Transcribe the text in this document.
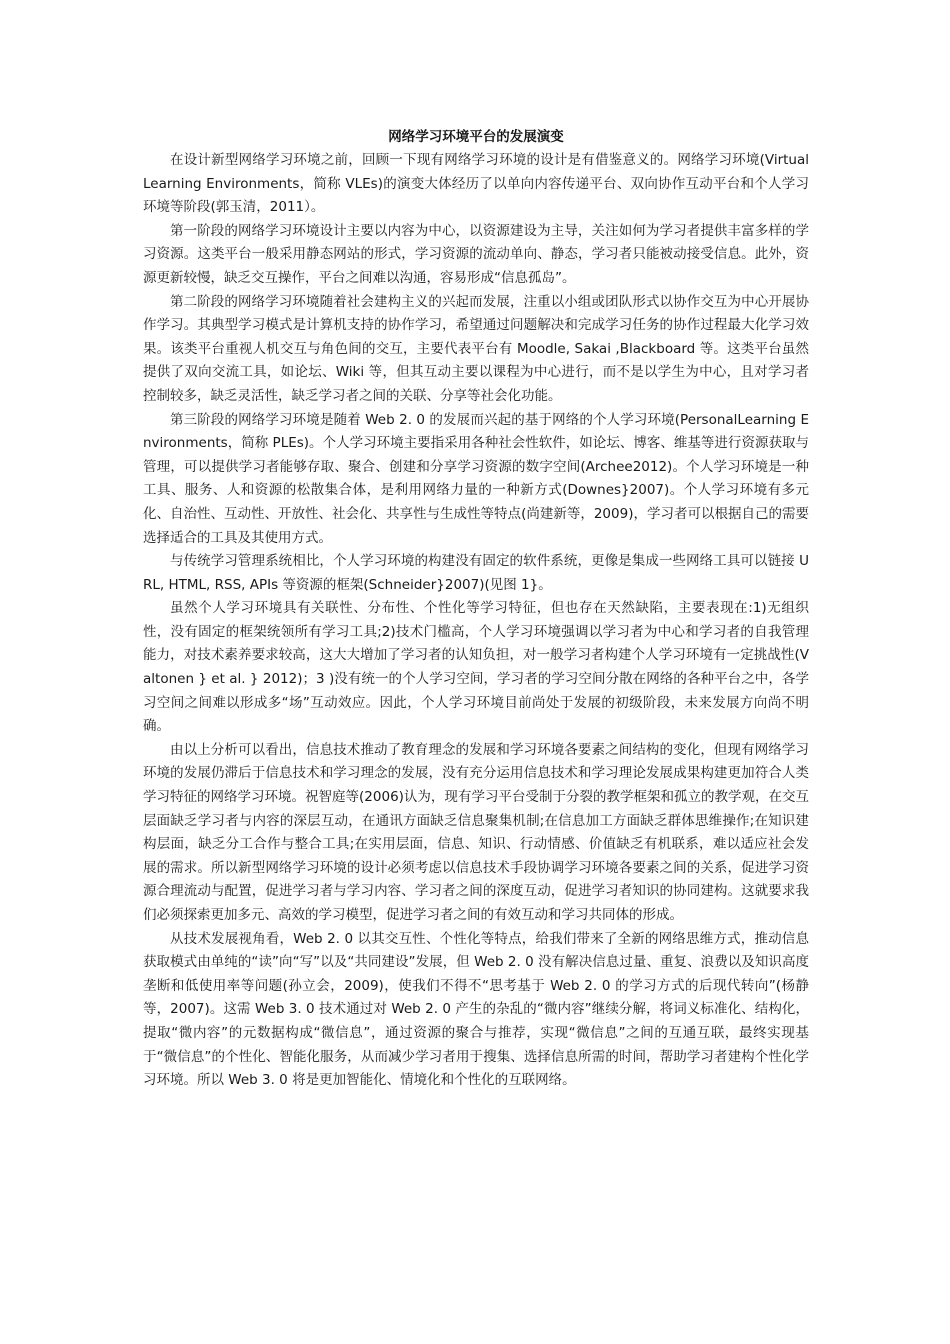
网络学习环境平台的发展演变

在设计新型网络学习环境之前，回顾一下现有网络学习环境的设计是有借鉴意义的。网络学习环境(Virtual Learning Environments，简称 VLEs)的演变大体经历了以单向内容传递平台、双向协作互动平台和个人学习环境等阶段(郭玉清，2011）。

第一阶段的网络学习环境设计主要以内容为中心，以资源建设为主导，关注如何为学习者提供丰富多样的学习资源。这类平台一般采用静态网站的形式，学习资源的流动单向、静态，学习者只能被动接受信息。此外，资源更新较慢，缺乏交互操作，平台之间难以沟通，容易形成“信息孤岛”。

第二阶段的网络学习环境随着社会建构主义的兴起而发展，注重以小组或团队形式以协作交互为中心开展协作学习。其典型学习模式是计算机支持的协作学习，希望通过问题解决和完成学习任务的协作过程最大化学习效果。该类平台重视人机交互与角色间的交互，主要代表平台有 Moodle, Sakai ,Blackboard 等。这类平台虽然提供了双向交流工具，如论坛、Wiki 等，但其互动主要以课程为中心进行，而不是以学生为中心，且对学习者控制较多，缺乏灵活性，缺乏学习者之间的关联、分享等社会化功能。

第三阶段的网络学习环境是随着 Web 2. 0 的发展而兴起的基于网络的个人学习环境(PersonalLearning Environments，简称 PLEs)。个人学习环境主要指采用各种社会性软件，如论坛、博客、维基等进行资源获取与管理，可以提供学习者能够存取、聚合、创建和分享学习资源的数字空间(Archee2012)。个人学习环境是一种工具、服务、人和资源的松散集合体，是利用网络力量的一种新方式(Downes}2007)。个人学习环境有多元化、自治性、互动性、开放性、社会化、共享性与生成性等特点(尚建新等，2009)，学习者可以根据自己的需要选择适合的工具及其使用方式。

与传统学习管理系统相比，个人学习环境的构建没有固定的软件系统，更像是集成一些网络工具可以链接 URL, HTML, RSS, APIs 等资源的框架(Schneider}2007)(见图 1}。

虽然个人学习环境具有关联性、分布性、个性化等学习特征，但也存在天然缺陷，主要表现在:1)无组织性，没有固定的框架统领所有学习工具;2)技术门槛高，个人学习环境强调以学习者为中心和学习者的自我管理能力，对技术素养要求较高，这大大增加了学习者的认知负担，对一般学习者构建个人学习环境有一定挑战性(Valtonen } et al. } 2012)；3 )没有统一的个人学习空间，学习者的学习空间分散在网络的各种平台之中，各学习空间之间难以形成多“场”互动效应。因此，个人学习环境目前尚处于发展的初级阶段，未来发展方向尚不明确。

由以上分析可以看出，信息技术推动了教育理念的发展和学习环境各要素之间结构的变化，但现有网络学习环境的发展仍滞后于信息技术和学习理念的发展，没有充分运用信息技术和学习理论发展成果构建更加符合人类学习特征的网络学习环境。祝智庭等(2006)认为，现有学习平台受制于分裂的教学框架和孤立的教学观，在交互层面缺乏学习者与内容的深层互动，在通讯方面缺乏信息聚集机制;在信息加工方面缺乏群体思维操作;在知识建构层面，缺乏分工合作与整合工具;在实用层面，信息、知识、行动情感、价值缺乏有机联系，难以适应社会发展的需求。所以新型网络学习环境的设计必须考虑以信息技术手段协调学习环境各要素之间的关系，促进学习资源合理流动与配置，促进学习者与学习内容、学习者之间的深度互动，促进学习者知识的协同建构。这就要求我们必须探索更加多元、高效的学习模型，促进学习者之间的有效互动和学习共同体的形成。

从技术发展视角看，Web 2. 0 以其交互性、个性化等特点，给我们带来了全新的网络思维方式，推动信息获取模式由单纯的“读”向“写”以及“共同建设”发展，但 Web 2. 0 没有解决信息过量、重复、浪费以及知识高度垄断和低使用率等问题(孙立会，2009)，使我们不得不“思考基于 Web 2. 0 的学习方式的后现代转向”(杨静等，2007)。这需 Web 3. 0 技术通过对 Web 2. 0 产生的杂乱的“微内容”继续分解，将词义标准化、结构化，提取“微内容”的元数据构成“微信息”，通过资源的聚合与推荐，实现“微信息”之间的互通互联，最终实现基于“微信息”的个性化、智能化服务，从而减少学习者用于搜集、选择信息所需的时间，帮助学习者建构个性化学习环境。所以 Web 3. 0 将是更加智能化、情境化和个性化的互联网络。
